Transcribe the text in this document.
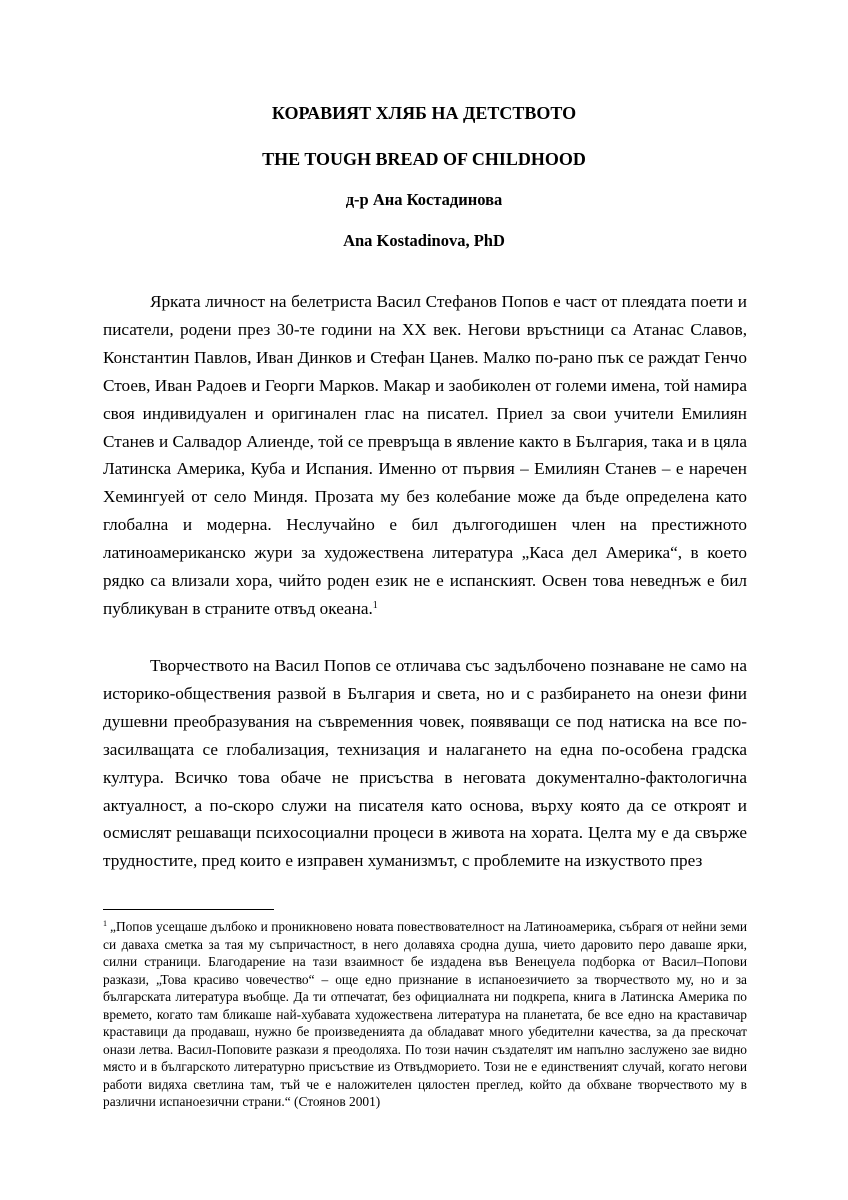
КОРАВИЯТ ХЛЯБ НА ДЕТСТВОТО
THE TOUGH BREAD OF CHILDHOOD
д-р Ана Костадинова
Ana Kostadinova, PhD

Ярката личност на белетриста Васил Стефанов Попов е част от плеядата поети и писатели, родени през 30-те години на XX век. Негови връстници са Атанас Славов, Константин Павлов, Иван Динков и Стефан Цанев. Малко по-рано пък се раждат Генчо Стоев, Иван Радоев и Георги Марков. Макар и заобиколен от големи имена, той намира своя индивидуален и оригинален глас на писател. Приел за свои учители Емилиян Станев и Салвадор Алиенде, той се превръща в явление както в България, така и в цяла Латинска Америка, Куба и Испания. Именно от първия – Емилиян Станев – е наречен Хемингуей от село Миндя. Прозата му без колебание може да бъде определена като глобална и модерна. Неслучайно е бил дългогодишен член на престижното латиноамериканско жури за художествена литература „Каса дел Америка“, в което рядко са влизали хора, чийто роден език не е испанският. Освен това неведнъж е бил публикуван в страните отвъд океана.$^1$

Творчеството на Васил Попов се отличава със задълбочено познаване не само на историко-обществения развой в България и света, но и с разбирането на онези фини душевни преобразувания на съвременния човек, появяващи се под натиска на все по-засилващата се глобализация, технизация и налагането на една по-особена градска култура. Всичко това обаче не присъства в неговата документално-фактологична актуалност, а по-скоро служи на писателя като основа, върху която да се откроят и осмислят решаващи психосоциални процеси в живота на хората. Целта му е да свърже трудностите, пред които е изправен хуманизмът, с проблемите на изкуството през

$^1$ „Попов усещаше дълбоко и проникновено новата повествователност на Латиноамерика, събрагя от нейни земи си даваха сметка за тая му съпричастност, в него долавяха сродна душа, чието даровито перо даваше ярки, силни страници. Благодарение на тази взаимност бе издадена във Венецуела подборка от Васил–Попови разкази, „Това красиво човечество“ – още едно признание в испаноезичието за творчеството му, но и за българската литература въобще. Да ти отпечатат, без официалната ни подкрепа, книга в Латинска Америка по времето, когато там бликаше най-хубавата художествена литература на планетата, бе все едно на краставичар краставици да продаваш, нужно бе произведенията да обладават много убедителни качества, за да прескочат онази летва. Васил-Поповите разкази я преодоляха. По този начин създателят им напълно заслужено зае видно място и в българското литературно присъствие из Отвъдморието. Този не е единственият случай, когато негови работи видяха светлина там, тъй че е наложителен цялостен преглед, който да обхване творчеството му в различни испаноезични страни.“ (Стоянов 2001)
